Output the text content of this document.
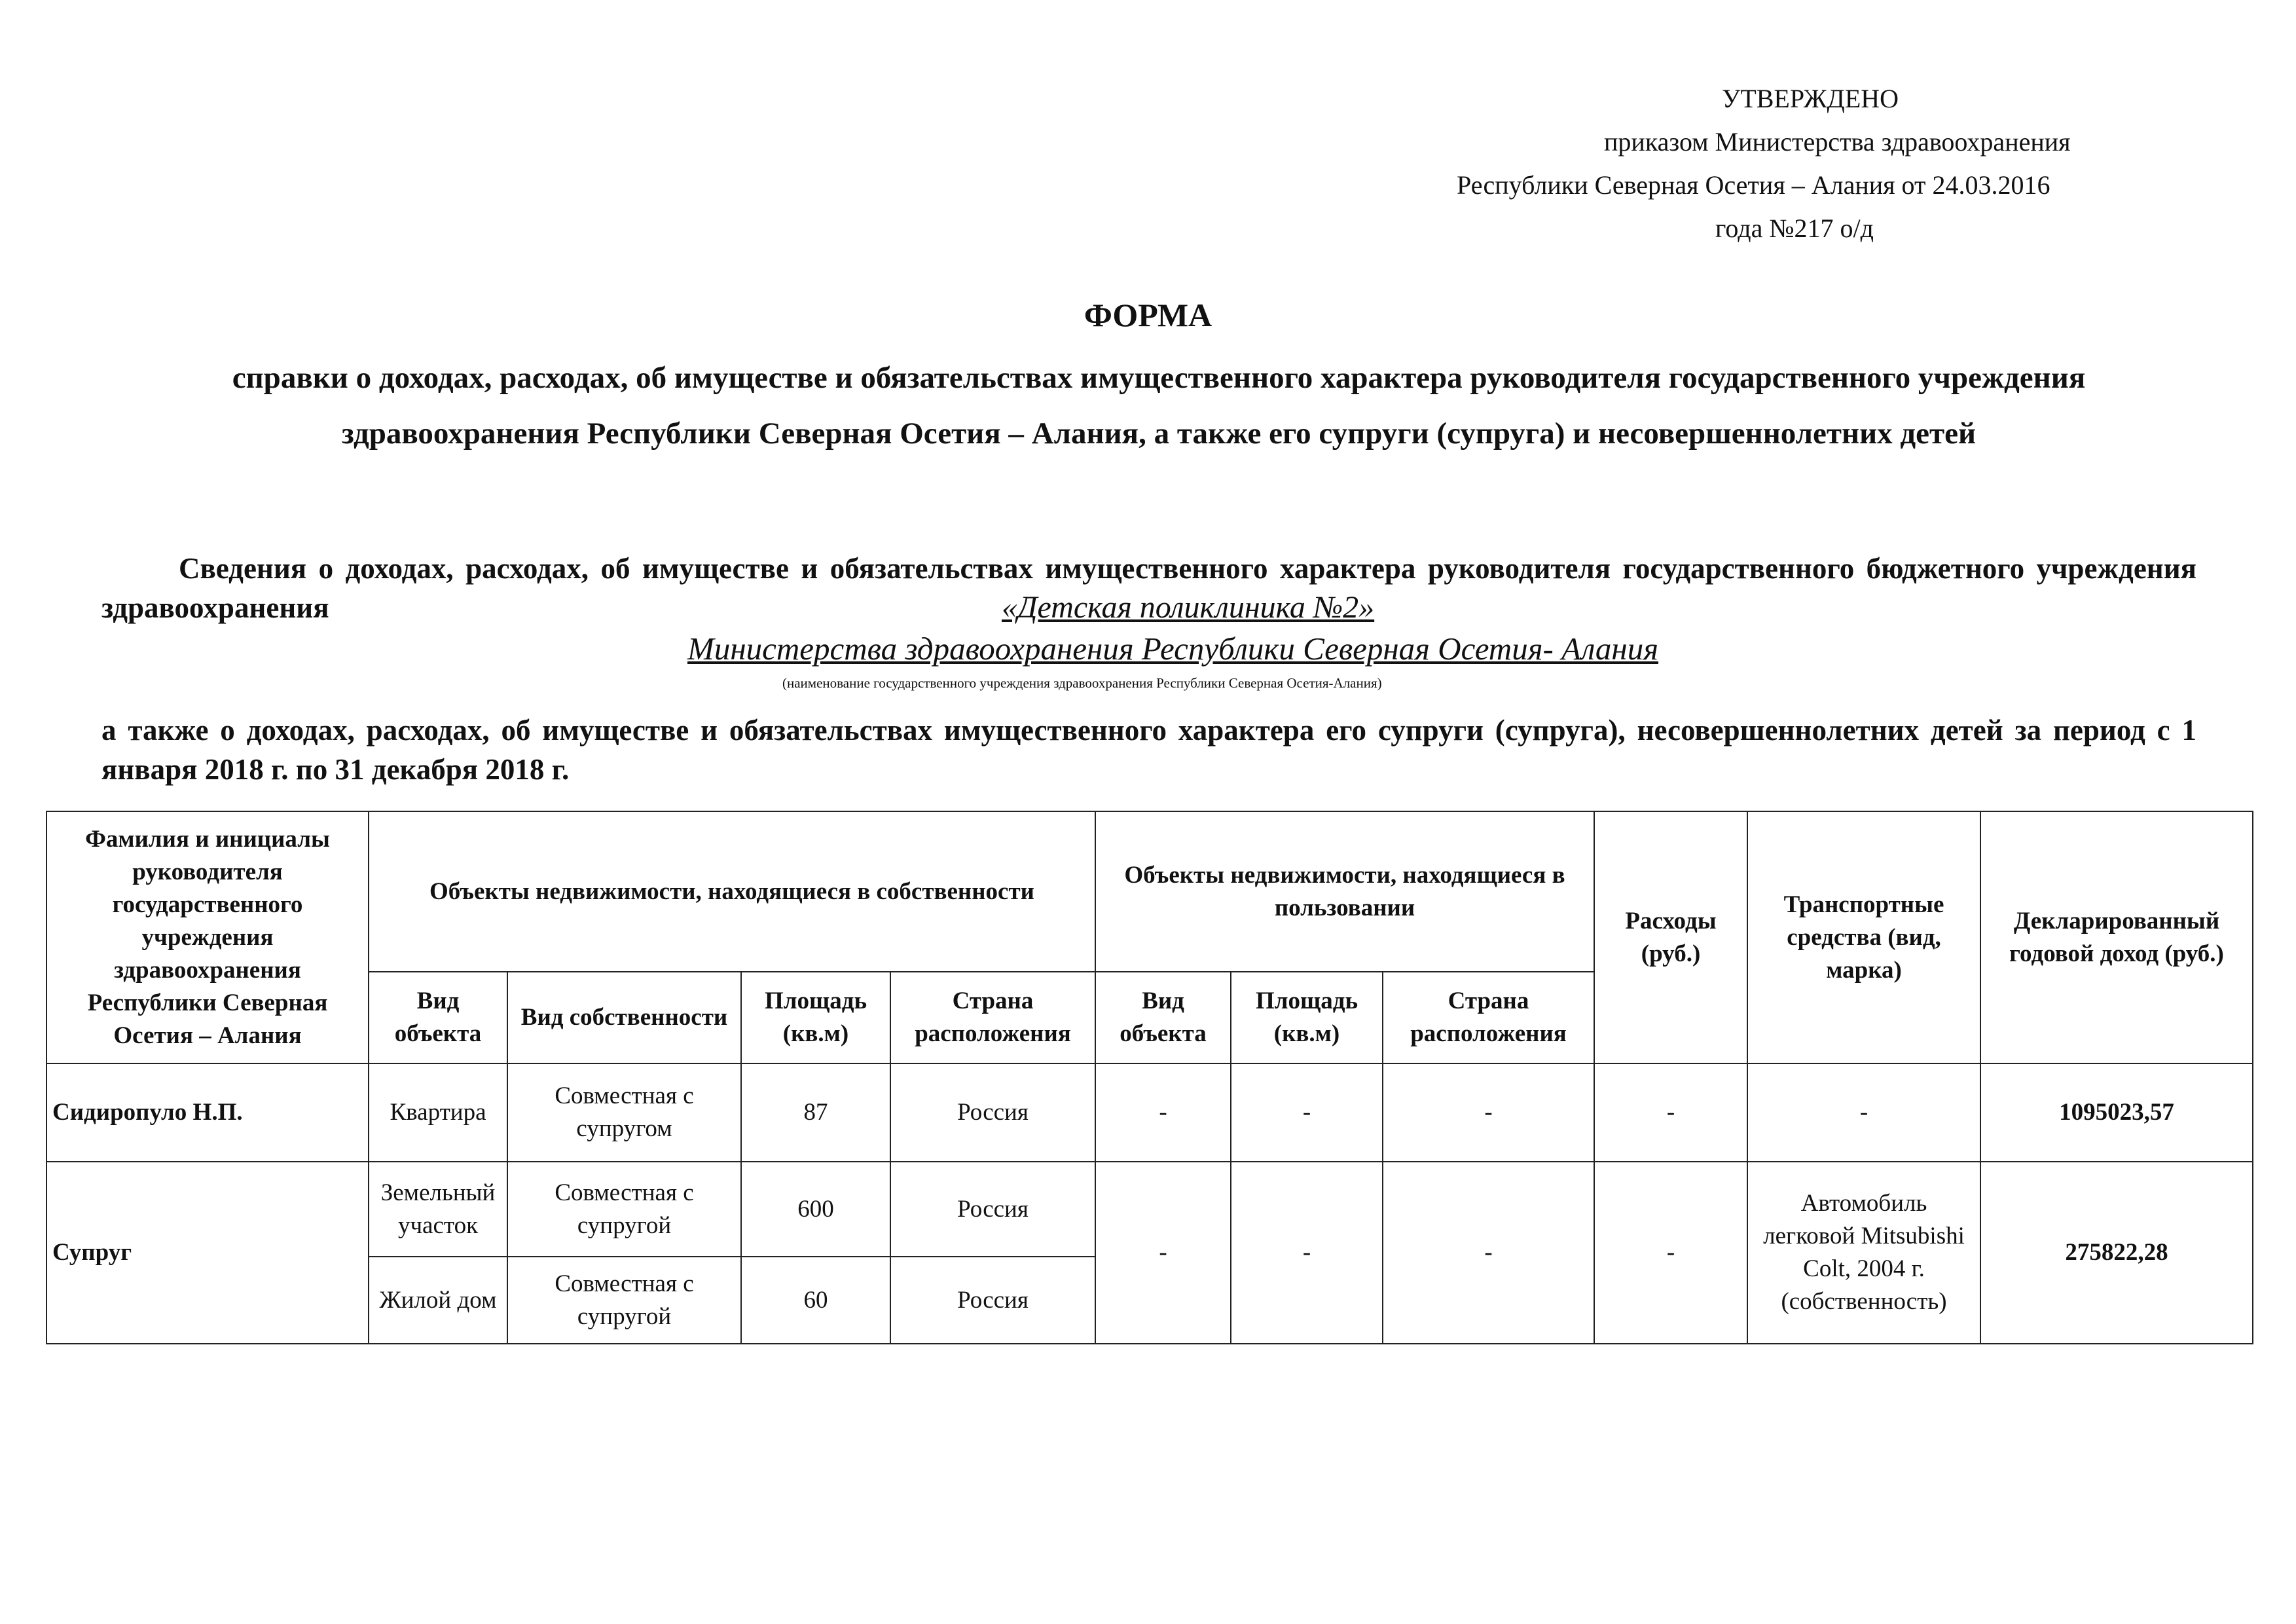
УТВЕРЖДЕНО
приказом Министерства здравоохранения
Республики Северная Осетия – Алания от 24.03.2016
года №217 о/д
ФОРМА
справки о доходах, расходах, об имуществе и обязательствах имущественного характера руководителя государственного учреждения здравоохранения Республики Северная Осетия – Алания, а также его супруги (супруга) и несовершеннолетних детей
Сведения о доходах, расходах, об имуществе и обязательствах имущественного характера руководителя государственного бюджетного учреждения здравоохранения	«Детская поликлиника №2»
Министерства здравоохранения Республики Северная Осетия- Алания
(наименование государственного учреждения здравоохранения Республики Северная Осетия-Алания)
а также о доходах, расходах, об имуществе и обязательствах имущественного характера его супруги (супруга), несовершеннолетних детей за период с 1 января 2018 г. по 31 декабря 2018 г.
Фамилия и инициалы руководителя государственного учреждения здравоохранения Республики Северная Осетия – Алания	Объекты недвижимости, находящиеся в собственности				Объекты недвижимости, находящиеся в пользовании			Расходы (руб.)	Транспортные средства (вид, марка)	Декларированный годовой доход (руб.)
	Вид объекта	Вид собственности	Площадь (кв.м)	Страна расположения	Вид объекта	Площадь (кв.м)	Страна расположения			
Сидиропуло Н.П.	Квартира	Совместная с супругом	87	Россия	-	-	-	-	-	1095023,57
Супруг	Земельный участок	Совместная с супругой	600	Россия	-	-	-	-	Автомобиль легковой Mitsubishi Colt, 2004 г. (собственность)	275822,28
	Жилой дом	Совместная с супругой	60	Россия						
